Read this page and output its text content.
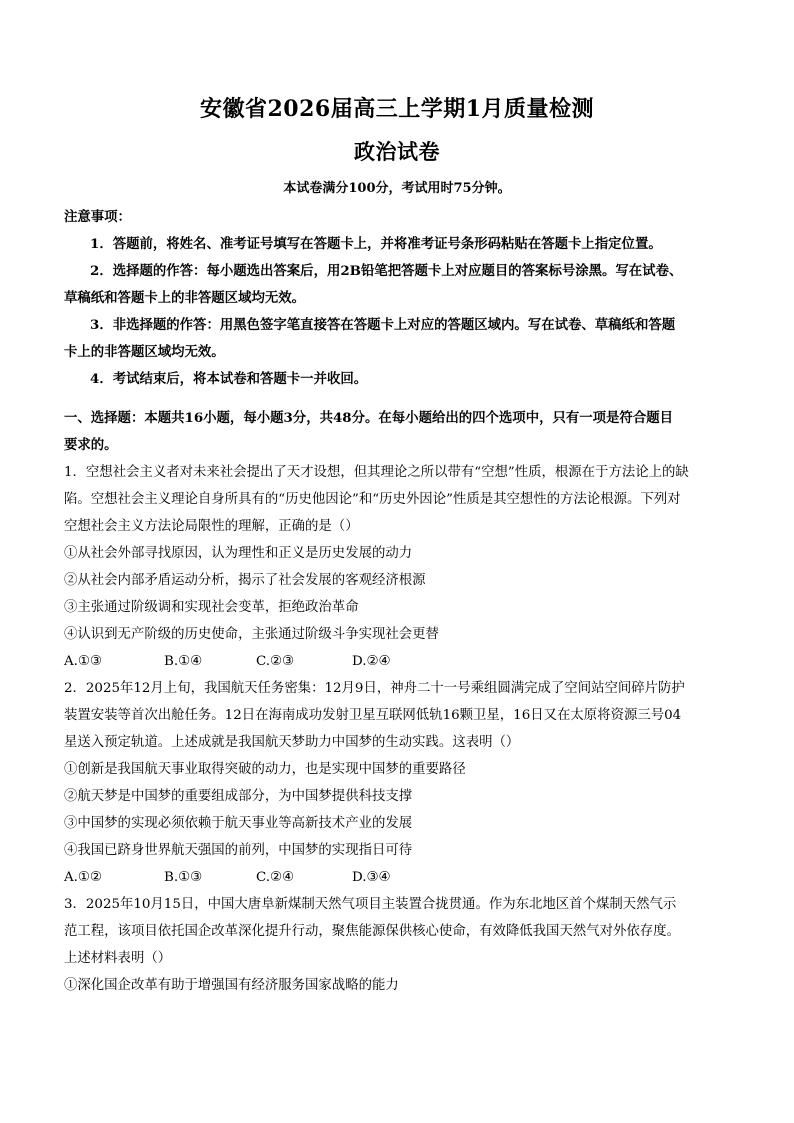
安徽省2026届高三上学期1月质量检测
政治试卷
本试卷满分100分，考试用时75分钟。
注意事项：
1．答题前，将姓名、准考证号填写在答题卡上，并将准考证号条形码粘贴在答题卡上指定位置。
2．选择题的作答：每小题选出答案后，用2B铅笔把答题卡上对应题目的答案标号涂黑。写在试卷、
草稿纸和答题卡上的非答题区域均无效。
3．非选择题的作答：用黑色签字笔直接答在答题卡上对应的答题区域内。写在试卷、草稿纸和答题
卡上的非答题区域均无效。
4．考试结束后，将本试卷和答题卡一并收回。
一、选择题：本题共16小题，每小题3分，共48分。在每小题给出的四个选项中，只有一项是符合题目
要求的。
1．空想社会主义者对未来社会提出了天才设想，但其理论之所以带有“空想”性质，根源在于方法论上的缺
陷。空想社会主义理论自身所具有的“历史他因论”和“历史外因论”性质是其空想性的方法论根源。下列对
空想社会主义方法论局限性的理解，正确的是（）
①从社会外部寻找原因，认为理性和正义是历史发展的动力
②从社会内部矛盾运动分析，揭示了社会发展的客观经济根源
③主张通过阶级调和实现社会变革，拒绝政治革命
④认识到无产阶级的历史使命，主张通过阶级斗争实现社会更替
A.①③	B.①④	C.②③	D.②④
2．2025年12月上旬，我国航天任务密集：12月9日，神舟二十一号乘组圆满完成了空间站空间碎片防护
装置安装等首次出舱任务。12日在海南成功发射卫星互联网低轨16颗卫星，16日又在太原将资源三号04
星送入预定轨道。上述成就是我国航天梦助力中国梦的生动实践。这表明（）
①创新是我国航天事业取得突破的动力，也是实现中国梦的重要路径
②航天梦是中国梦的重要组成部分，为中国梦提供科技支撑
③中国梦的实现必须依赖于航天事业等高新技术产业的发展
④我国已跻身世界航天强国的前列，中国梦的实现指日可待
A.①②	B.①③	C.②④	D.③④
3．2025年10月15日，中国大唐阜新煤制天然气项目主装置合拢贯通。作为东北地区首个煤制天然气示
范工程，该项目依托国企改革深化提升行动，聚焦能源保供核心使命，有效降低我国天然气对外依存度。
上述材料表明（）
①深化国企改革有助于增强国有经济服务国家战略的能力
